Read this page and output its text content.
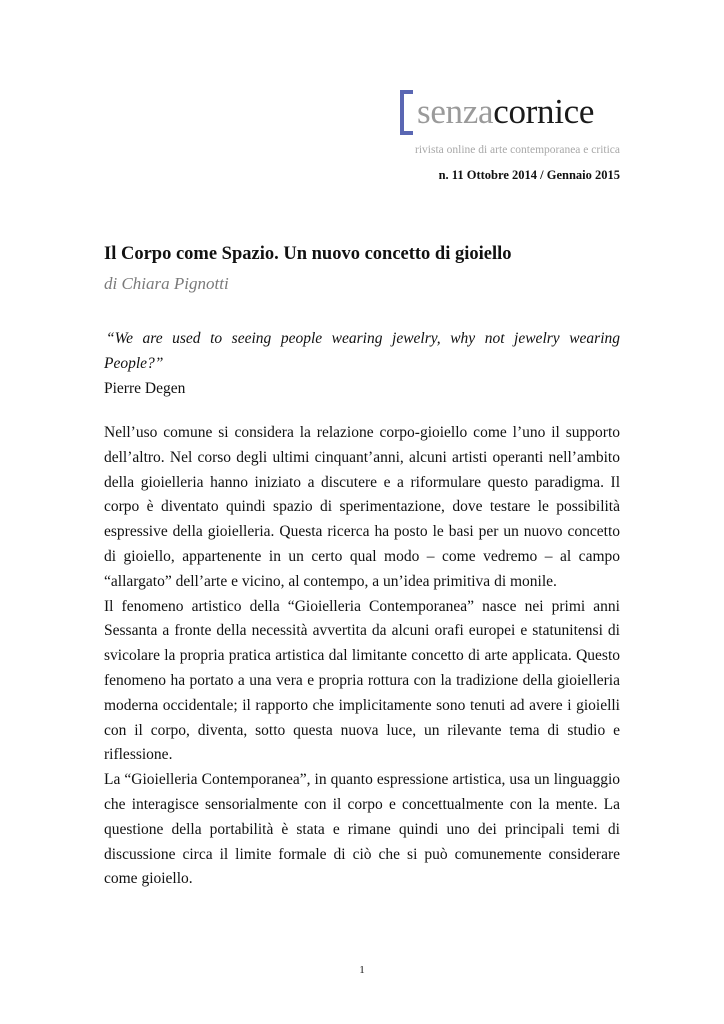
senzacornice
rivista online di arte contemporanea e critica
n. 11 Ottobre 2014 / Gennaio 2015
Il Corpo come Spazio. Un nuovo concetto di gioiello
di Chiara Pignotti
“We are used to seeing people wearing jewelry, why not jewelry wearing
People?”
Pierre Degen

Nell’uso comune si considera la relazione corpo-gioiello come l’uno il supporto dell’altro. Nel corso degli ultimi cinquant’anni, alcuni artisti operanti nell’ambito della gioielleria hanno iniziato a discutere e a riformulare questo paradigma. Il corpo è diventato quindi spazio di sperimentazione, dove testare le possibilità espressive della gioielleria. Questa ricerca ha posto le basi per un nuovo concetto di gioiello, appartenente in un certo qual modo – come vedremo – al campo “allargato” dell’arte e vicino, al contempo, a un’idea primitiva di monile.

Il fenomeno artistico della “Gioielleria Contemporanea” nasce nei primi anni Sessanta a fronte della necessità avvertita da alcuni orafi europei e statunitensi di svicolare la propria pratica artistica dal limitante concetto di arte applicata. Questo fenomeno ha portato a una vera e propria rottura con la tradizione della gioielleria moderna occidentale; il rapporto che implicitamente sono tenuti ad avere i gioielli con il corpo, diventa, sotto questa nuova luce, un rilevante tema di studio e riflessione.

La “Gioielleria Contemporanea”, in quanto espressione artistica, usa un linguaggio che interagisce sensorialmente con il corpo e concettualmente con la mente. La questione della portabilità è stata e rimane quindi uno dei principali temi di discussione circa il limite formale di ciò che si può comunemente considerare come gioiello.

1
